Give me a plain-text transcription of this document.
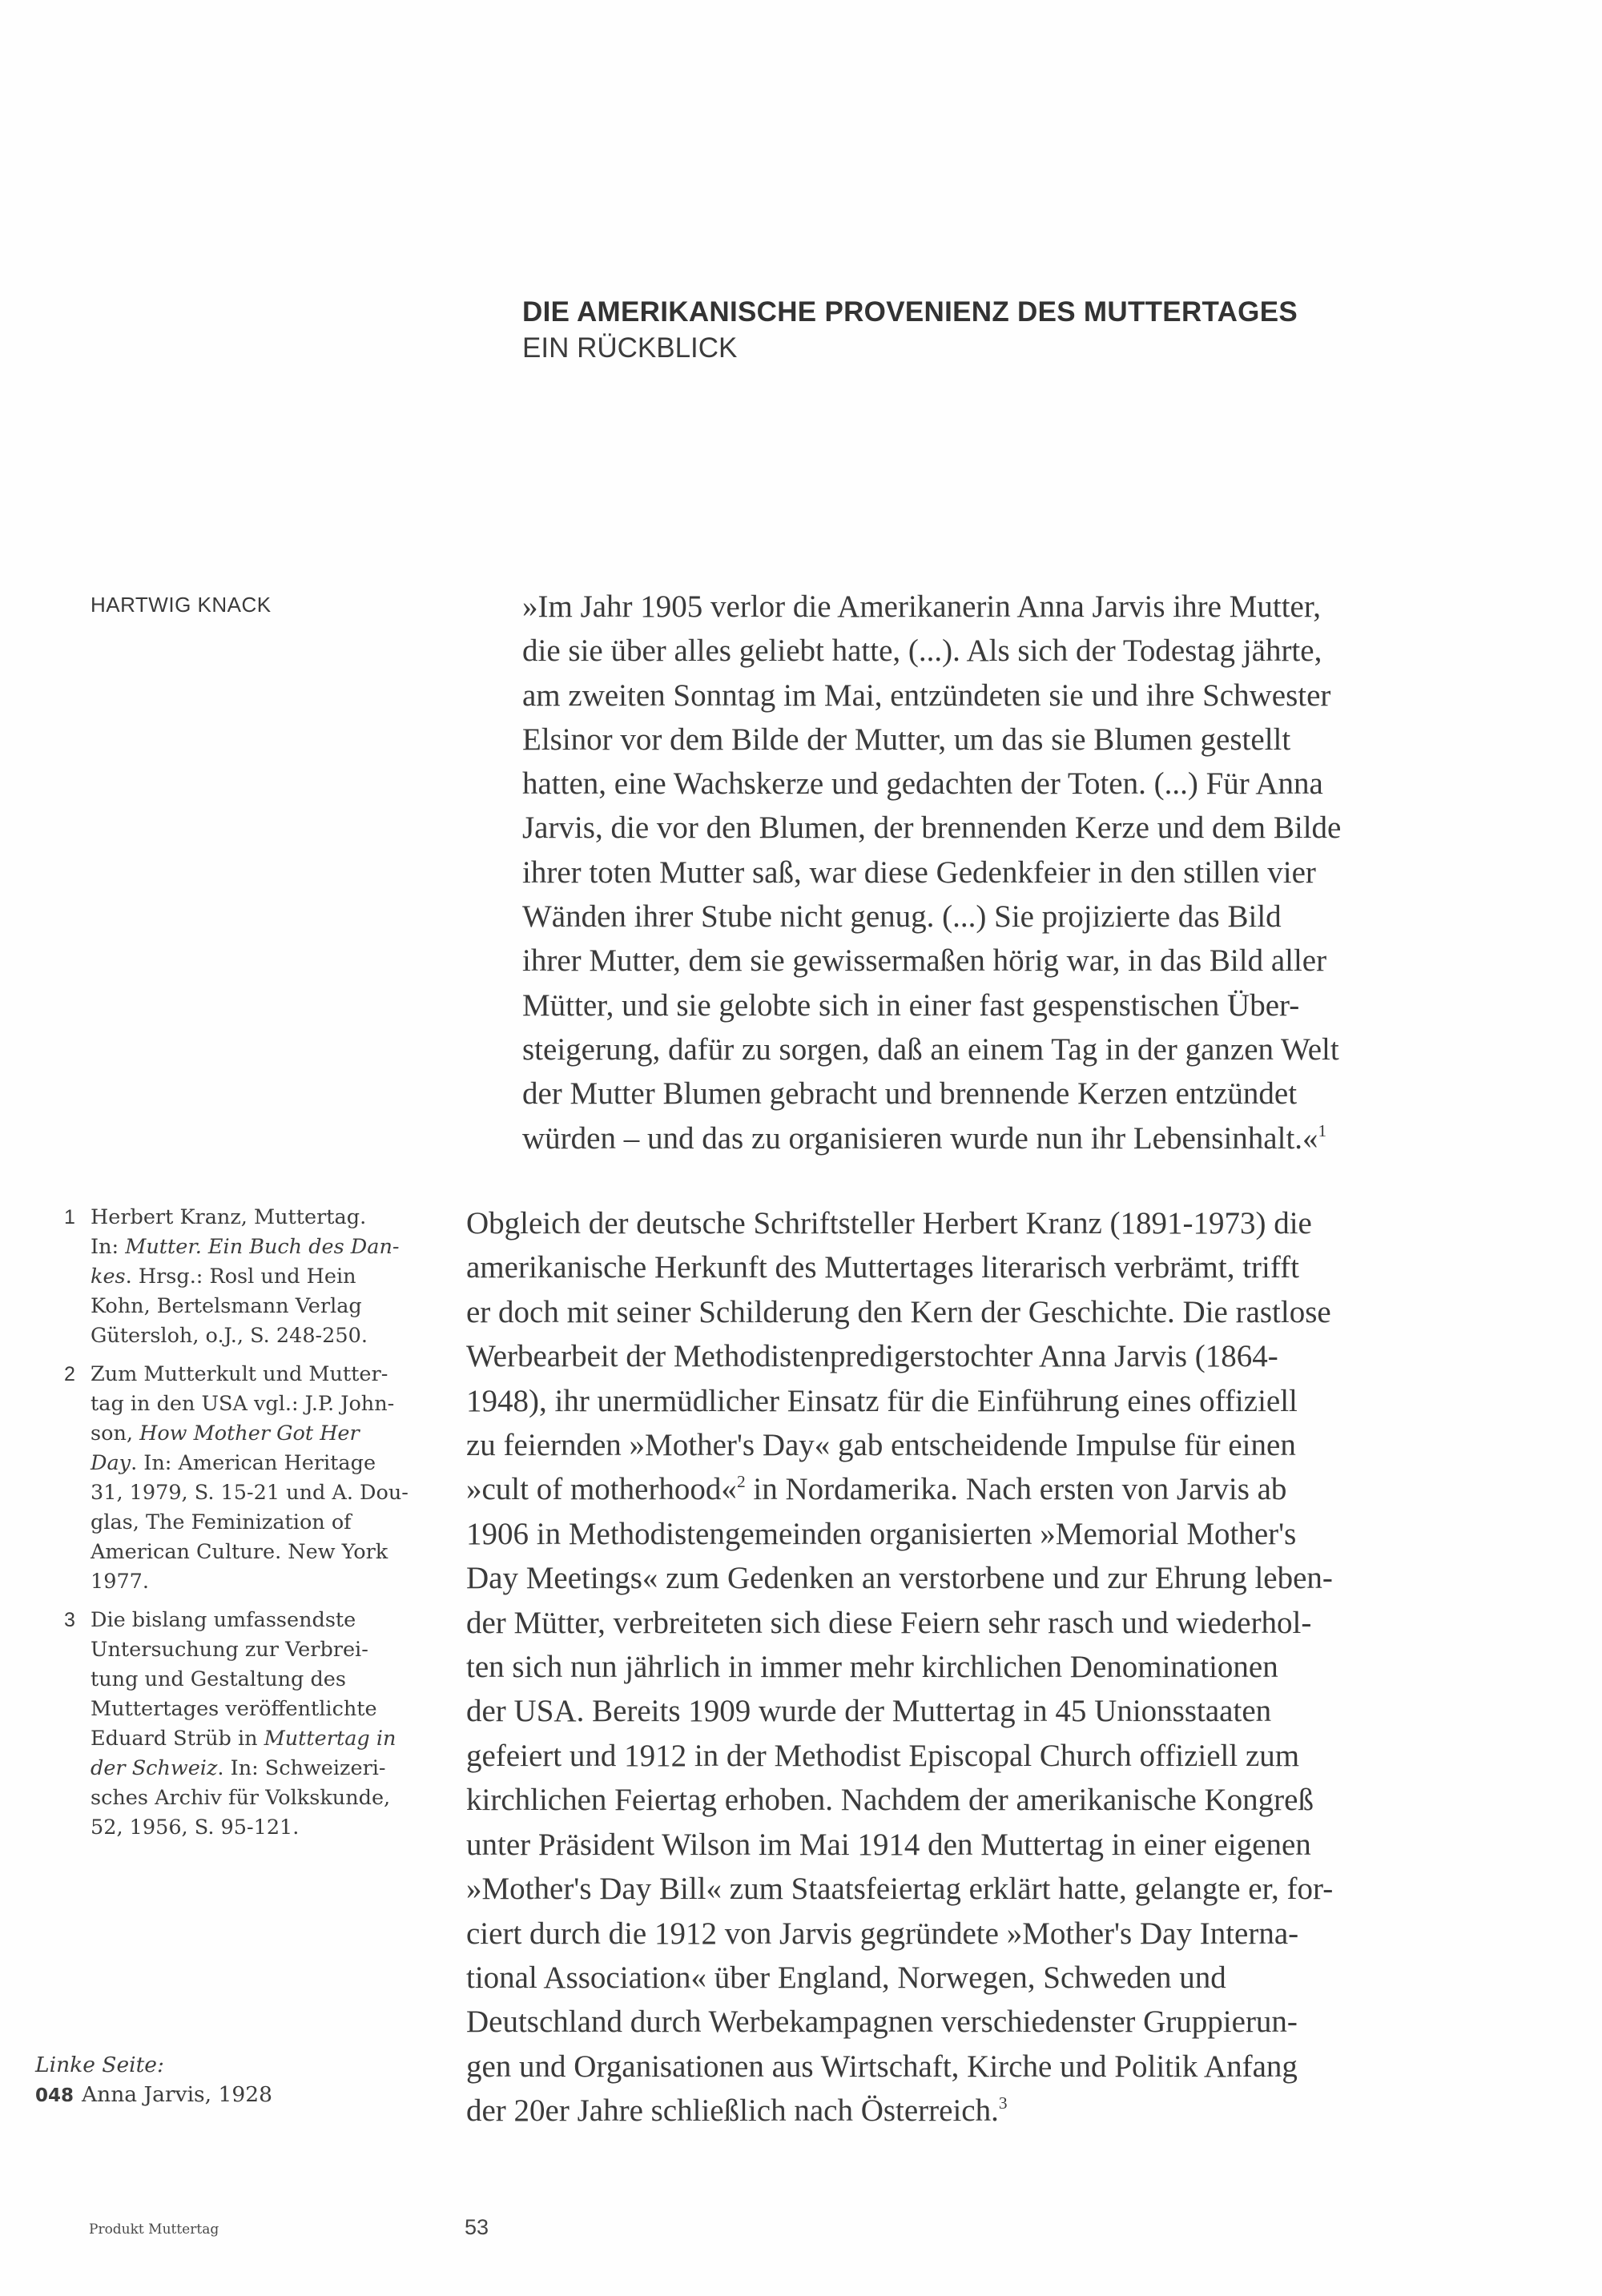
DIE AMERIKANISCHE PROVENIENZ DES MUTTERTAGES
EIN RÜCKBLICK
HARTWIG KNACK	»Im Jahr 1905 verlor die Amerikanerin Anna Jarvis ihre Mutter,
die sie über alles geliebt hatte, (...). Als sich der Todestag jährte,
am zweiten Sonntag im Mai, entzündeten sie und ihre Schwester
Elsinor vor dem Bilde der Mutter, um das sie Blumen gestellt
hatten, eine Wachskerze und gedachten der Toten. (...) Für Anna
Jarvis, die vor den Blumen, der brennenden Kerze und dem Bilde
ihrer toten Mutter saß, war diese Gedenkfeier in den stillen vier
Wänden ihrer Stube nicht genug. (...) Sie projizierte das Bild
ihrer Mutter, dem sie gewissermaßen hörig war, in das Bild aller
Mütter, und sie gelobte sich in einer fast gespenstischen Über-
steigerung, dafür zu sorgen, daß an einem Tag in der ganzen Welt
der Mutter Blumen gebracht und brennende Kerzen entzündet
würden – und das zu organisieren wurde nun ihr Lebensinhalt.«$^1$
1 Herbert Kranz, Muttertag.
In: Mutter. Ein Buch des Dan-
kes. Hrsg.: Rosl und Hein
Kohn, Bertelsmann Verlag
Gütersloh, o.J., S. 248-250.
2 Zum Mutterkult und Mutter-
tag in den USA vgl.: J.P. John-
son, How Mother Got Her
Day. In: American Heritage
31, 1979, S. 15-21 und A. Dou-
glas, The Feminization of
American Culture. New York
1977.
3 Die bislang umfassendste
Untersuchung zur Verbrei-
tung und Gestaltung des
Muttertages veröffentlichte
Eduard Strüb in Muttertag in
der Schweiz. In: Schweizeri-
sches Archiv für Volkskunde,
52, 1956, S. 95-121.
Linke Seite:
048 Anna Jarvis, 1928
Obgleich der deutsche Schriftsteller Herbert Kranz (1891-1973) die
amerikanische Herkunft des Muttertages literarisch verbrämt, trifft
er doch mit seiner Schilderung den Kern der Geschichte. Die rastlose
Werbearbeit der Methodistenpredigerstochter Anna Jarvis (1864-
1948), ihr unermüdlicher Einsatz für die Einführung eines offiziell
zu feiernden »Mother's Day« gab entscheidende Impulse für einen
»cult of motherhood«$^2$ in Nordamerika. Nach ersten von Jarvis ab
1906 in Methodistengemeinden organisierten »Memorial Mother's
Day Meetings« zum Gedenken an verstorbene und zur Ehrung leben-
der Mütter, verbreiteten sich diese Feiern sehr rasch und wiederhol-
ten sich nun jährlich in immer mehr kirchlichen Denominationen
der USA. Bereits 1909 wurde der Muttertag in 45 Unionsstaaten
gefeiert und 1912 in der Methodist Episcopal Church offiziell zum
kirchlichen Feiertag erhoben. Nachdem der amerikanische Kongreß
unter Präsident Wilson im Mai 1914 den Muttertag in einer eigenen
»Mother's Day Bill« zum Staatsfeiertag erklärt hatte, gelangte er, for-
ciert durch die 1912 von Jarvis gegründete »Mother's Day Interna-
tional Association« über England, Norwegen, Schweden und
Deutschland durch Werbekampagnen verschiedenster Gruppierun-
gen und Organisationen aus Wirtschaft, Kirche und Politik Anfang
der 20er Jahre schließlich nach Österreich.$^3$
Produkt Muttertag	53
